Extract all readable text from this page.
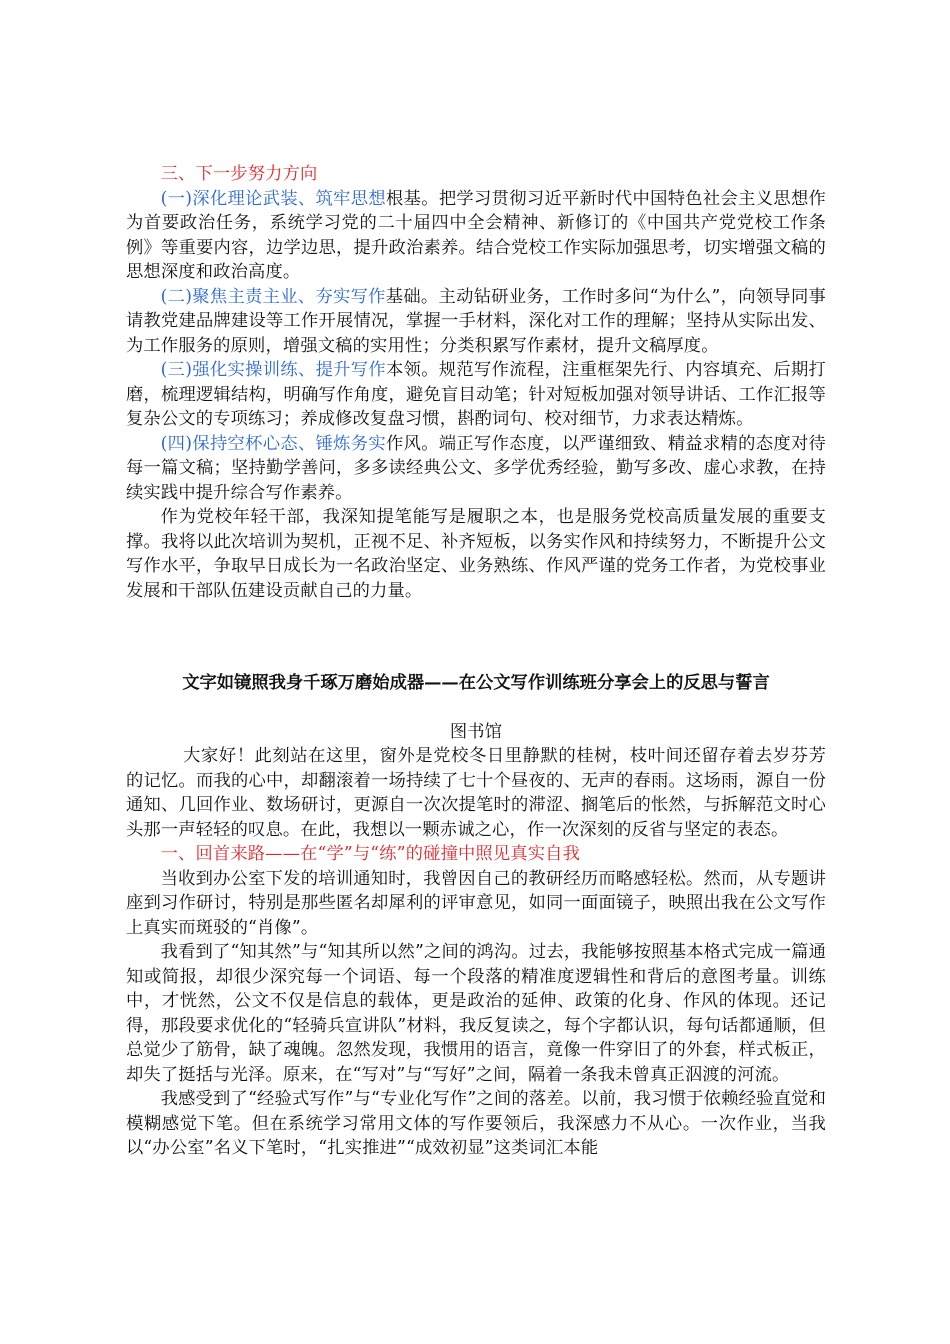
三、下一步努力方向

(一)深化理论武装、筑牢思想根基。把学习贯彻习近平新时代中国特色社会主义思想作为首要政治任务，系统学习党的二十届四中全会精神、新修订的《中国共产党党校工作条例》等重要内容，边学边思，提升政治素养。结合党校工作实际加强思考，切实增强文稿的思想深度和政治高度。

(二)聚焦主责主业、夯实写作基础。主动钻研业务，工作时多问“为什么”，向领导同事请教党建品牌建设等工作开展情况，掌握一手材料，深化对工作的理解；坚持从实际出发、为工作服务的原则，增强文稿的实用性；分类积累写作素材，提升文稿厚度。

(三)强化实操训练、提升写作本领。规范写作流程，注重框架先行、内容填充、后期打磨，梳理逻辑结构，明确写作角度，避免盲目动笔；针对短板加强对领导讲话、工作汇报等复杂公文的专项练习；养成修改复盘习惯，斟酌词句、校对细节，力求表达精炼。

(四)保持空杯心态、锤炼务实作风。端正写作态度，以严谨细致、精益求精的态度对待每一篇文稿；坚持勤学善问，多多读经典公文、多学优秀经验，勤写多改、虚心求教，在持续实践中提升综合写作素养。

作为党校年轻干部，我深知提笔能写是履职之本，也是服务党校高质量发展的重要支撑。我将以此次培训为契机，正视不足、补齐短板，以务实作风和持续努力，不断提升公文写作水平，争取早日成长为一名政治坚定、业务熟练、作风严谨的党务工作者，为党校事业发展和干部队伍建设贡献自己的力量。

文字如镜照我身千琢万磨始成器——在公文写作训练班分享会上的反思与誓言

图书馆

大家好！此刻站在这里，窗外是党校冬日里静默的桂树，枝叶间还留存着去岁芬芳的记忆。而我的心中，却翻滚着一场持续了七十个昼夜的、无声的春雨。这场雨，源自一份通知、几回作业、数场研讨，更源自一次次提笔时的滞涩、搁笔后的怅然，与拆解范文时心头那一声轻轻的叹息。在此，我想以一颗赤诚之心，作一次深刻的反省与坚定的表态。

一、回首来路——在“学”与“练”的碰撞中照见真实自我

当收到办公室下发的培训通知时，我曾因自己的教研经历而略感轻松。然而，从专题讲座到习作研讨，特别是那些匿名却犀利的评审意见，如同一面面镜子，映照出我在公文写作上真实而斑驳的“肖像”。

我看到了“知其然”与“知其所以然”之间的鸿沟。过去，我能够按照基本格式完成一篇通知或简报，却很少深究每一个词语、每一个段落的精准度逻辑性和背后的意图考量。训练中，才恍然，公文不仅是信息的载体，更是政治的延伸、政策的化身、作风的体现。还记得，那段要求优化的“轻骑兵宣讲队”材料，我反复读之，每个字都认识，每句话都通顺，但总觉少了筋骨，缺了魂魄。忽然发现，我惯用的语言，竟像一件穿旧了的外套，样式板正，却失了挺括与光泽。原来，在“写对”与“写好”之间，隔着一条我未曾真正泅渡的河流。

我感受到了“经验式写作”与“专业化写作”之间的落差。以前，我习惯于依赖经验直觉和模糊感觉下笔。但在系统学习常用文体的写作要领后，我深感力不从心。一次作业，当我以“办公室”名义下笔时，“扎实推进”“成效初显”这类词汇本能
